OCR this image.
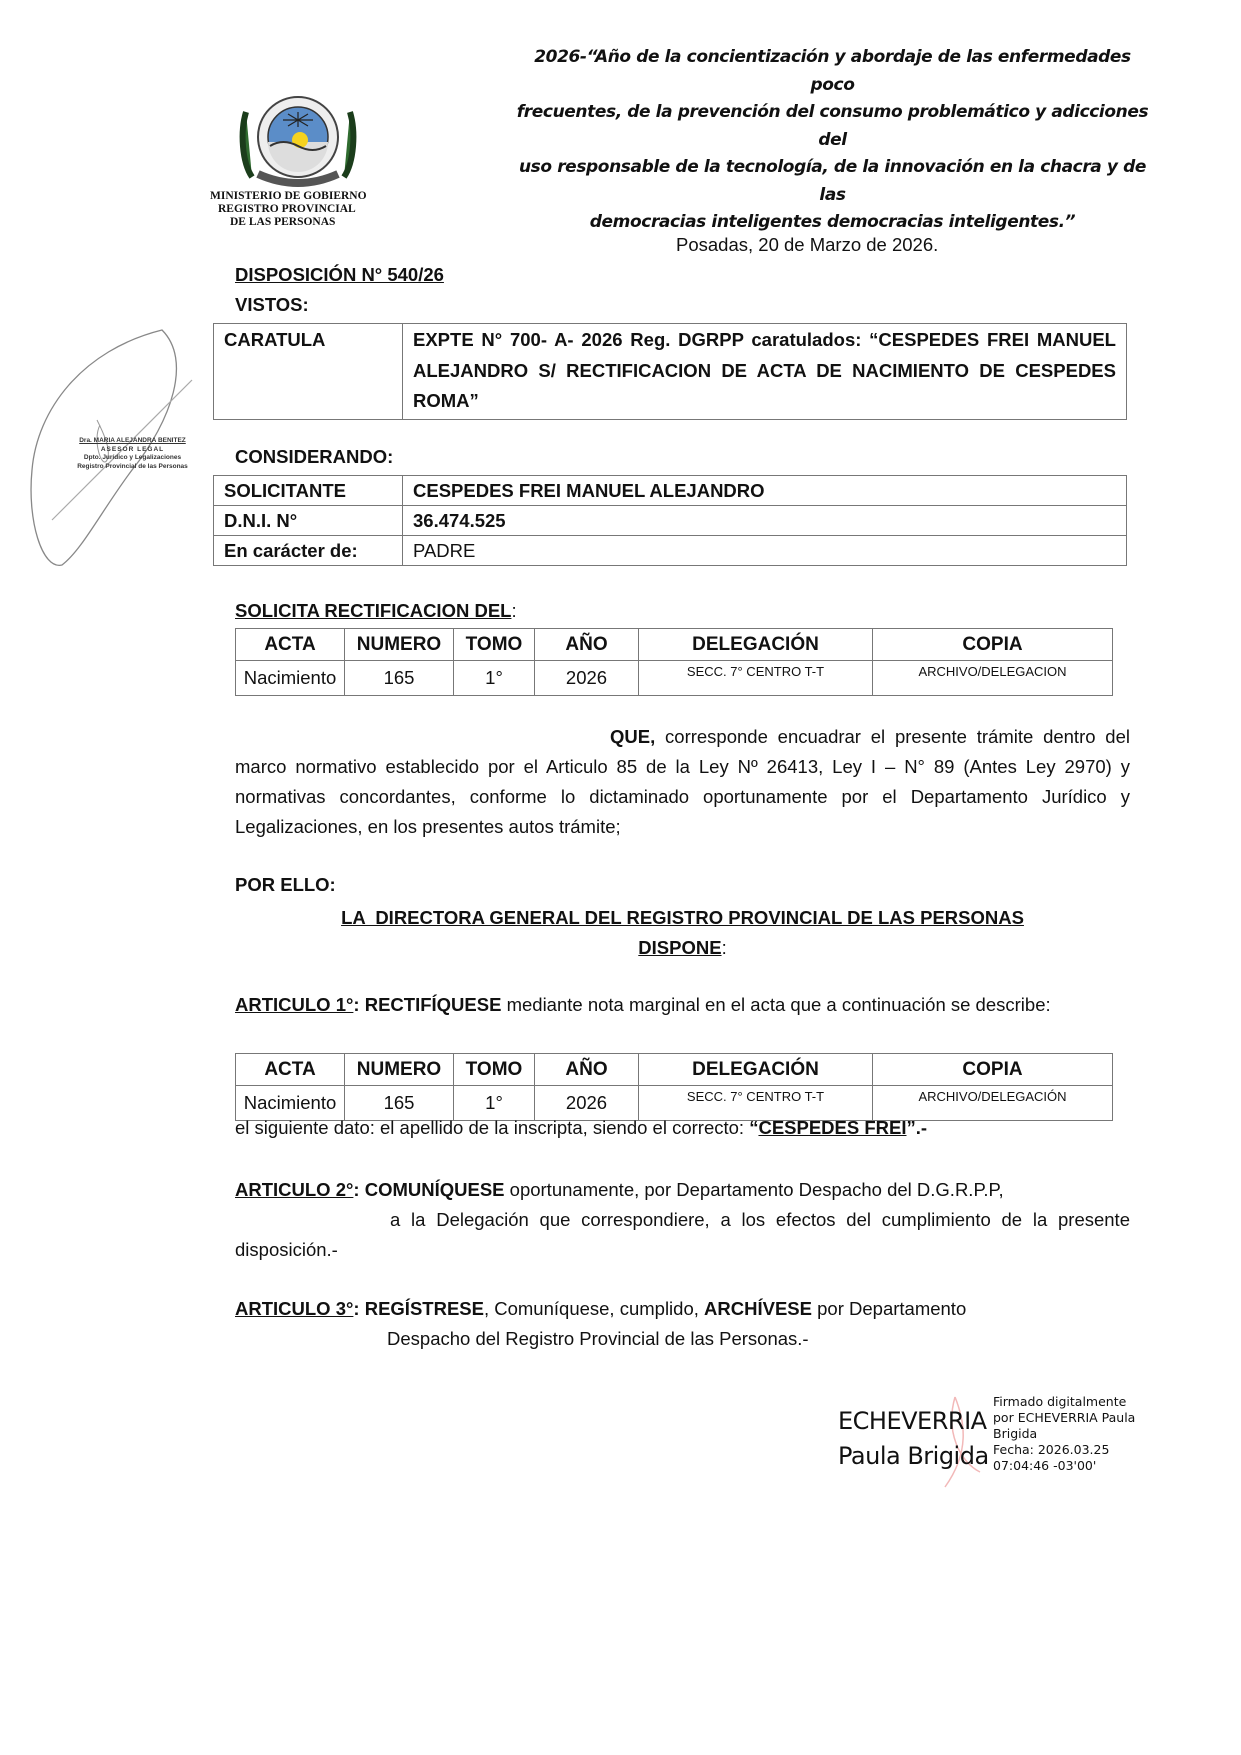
Dra. MARIA ALEJANDRA BENITEZ
ASESOR LEGAL
Dpto. Jurídico y Legalizaciones
Registro Provincial de las Personas
MINISTERIO DE GOBIERNO
REGISTRO PROVINCIAL
DE LAS PERSONAS
2026-“Año de la concientización y abordaje de las enfermedades poco
frecuentes, de la prevención del consumo problemático y adicciones del
uso responsable de la tecnología, de la innovación en la chacra y de las
democracias inteligentes democracias inteligentes.”
Posadas, 20 de Marzo de 2026.
DISPOSICIÓN N° 540/26
VISTOS:
CARATULA	EXPTE N° 700- A- 2026 Reg. DGRPP caratulados: “CESPEDES FREI MANUEL ALEJANDRO S/ RECTIFICACION DE ACTA DE NACIMIENTO DE CESPEDES ROMA”
CONSIDERANDO:
SOLICITANTE	CESPEDES FREI MANUEL ALEJANDRO
D.N.I. N°	36.474.525
En carácter de:	PADRE
SOLICITA RECTIFICACION DEL:
ACTA	NUMERO	TOMO	AÑO	DELEGACIÓN	COPIA
Nacimiento	165	1°	2026	SECC. 7° CENTRO T-T	ARCHIVO/DELEGACION
QUE, corresponde encuadrar el presente trámite dentro del marco normativo establecido por el Articulo 85 de la Ley Nº 26413, Ley I – N° 89 (Antes Ley 2970) y normativas concordantes, conforme lo dictaminado oportunamente por el Departamento Jurídico y Legalizaciones, en los presentes autos trámite;
POR ELLO:
LA  DIRECTORA GENERAL DEL REGISTRO PROVINCIAL DE LAS PERSONAS
DISPONE:
ARTICULO 1°: RECTIFÍQUESE mediante nota marginal en el acta que a continuación se describe:
ACTA	NUMERO	TOMO	AÑO	DELEGACIÓN	COPIA
Nacimiento	165	1°	2026	SECC. 7° CENTRO T-T	ARCHIVO/DELEGACIÓN
el siguiente dato: el apellido de la inscripta, siendo el correcto: “CESPEDES FREI”.-
ARTICULO 2°: COMUNÍQUESE oportunamente, por Departamento Despacho del D.G.R.P.P,
a la Delegación que correspondiere, a los efectos del cumplimiento de la presente disposición.-
ARTICULO 3°: REGÍSTRESE, Comuníquese, cumplido, ARCHÍVESE por Departamento
Despacho del Registro Provincial de las Personas.-
ECHEVERRIA
Paula Brigida
Firmado digitalmente
por ECHEVERRIA Paula
Brigida
Fecha: 2026.03.25
07:04:46 -03'00'
